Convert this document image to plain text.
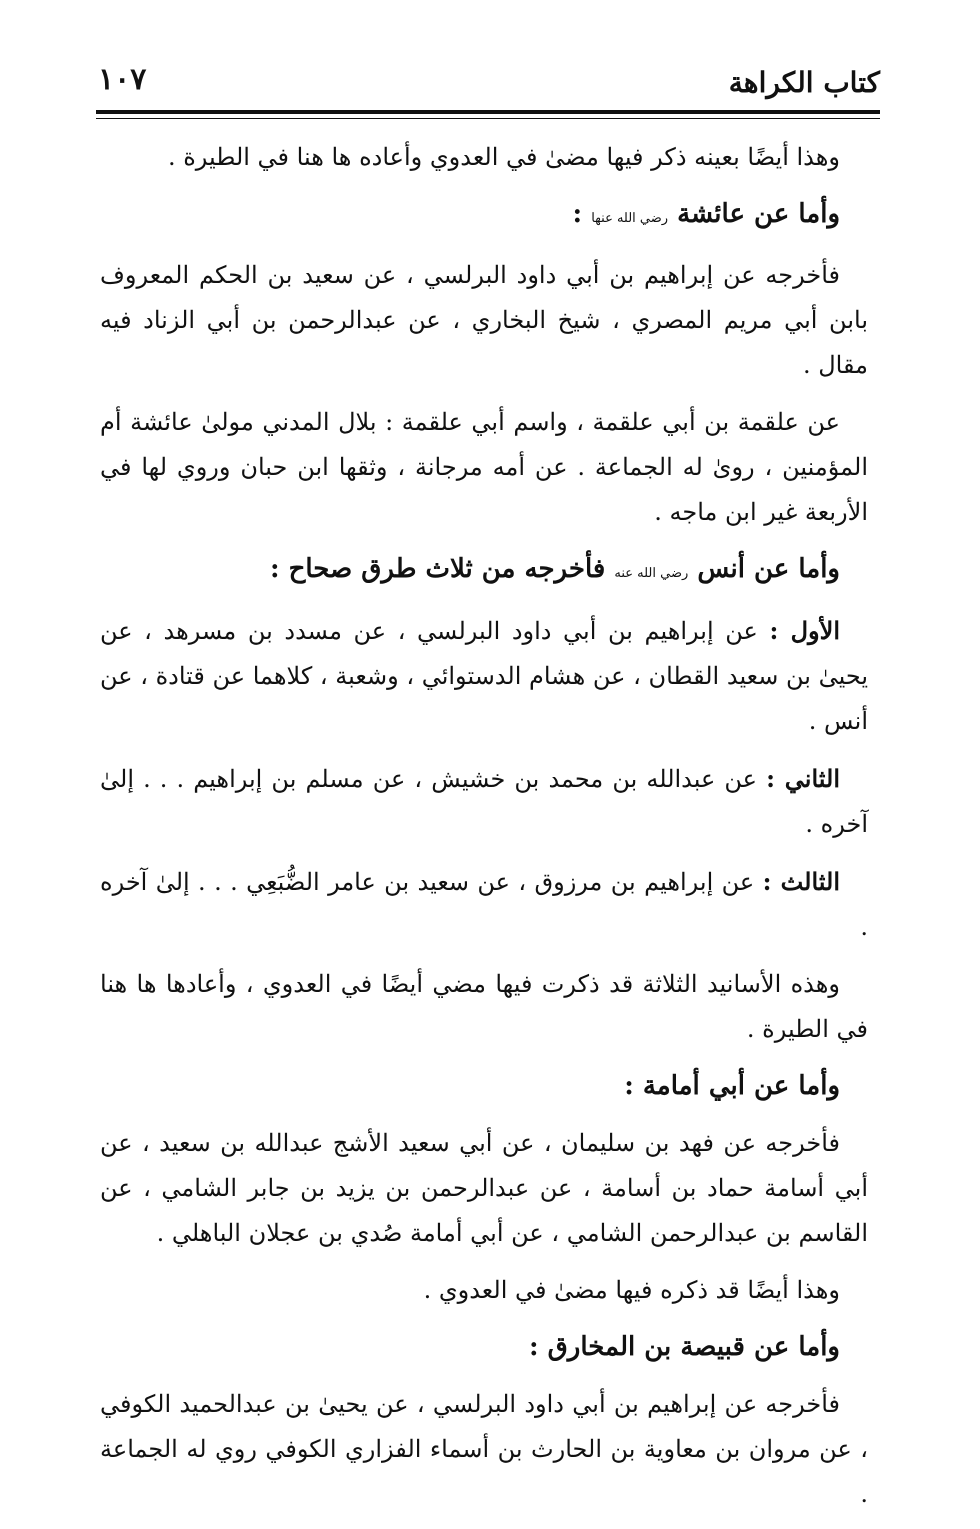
كتاب الكراهة
١٠٧

وهذا أيضًا بعينه ذكر فيها مضىٰ في العدوي وأعاده ها هنا في الطيرة .

وأما عن عائشة رضي الله عنها :

فأخرجه عن إبراهيم بن أبي داود البرلسي ، عن سعيد بن الحكم المعروف بابن أبي مريم المصري ، شيخ البخاري ، عن عبدالرحمن بن أبي الزناد فيه مقال .

عن علقمة بن أبي علقمة ، واسم أبي علقمة : بلال المدني مولىٰ عائشة أم المؤمنين ، روىٰ له الجماعة . عن أمه مرجانة ، وثقها ابن حبان وروي لها في الأربعة غير ابن ماجه .

وأما عن أنس رضي الله عنه فأخرجه من ثلاث طرق صحاح :

الأول : عن إبراهيم بن أبي داود البرلسي ، عن مسدد بن مسرهد ، عن يحيىٰ بن سعيد القطان ، عن هشام الدستوائي ، وشعبة ، كلاهما عن قتادة ، عن أنس .

الثاني : عن عبدالله بن محمد بن خشيش ، عن مسلم بن إبراهيم . . . إلىٰ آخره .

الثالث : عن إبراهيم بن مرزوق ، عن سعيد بن عامر الضُّبَعِي . . . إلىٰ آخره .

وهذه الأسانيد الثلاثة قد ذكرت فيها مضي أيضًا في العدوي ، وأعادها ها هنا في الطيرة .

وأما عن أبي أمامة :

فأخرجه عن فهد بن سليمان ، عن أبي سعيد الأشج عبدالله بن سعيد ، عن أبي أسامة حماد بن أسامة ، عن عبدالرحمن بن يزيد بن جابر الشامي ، عن القاسم بن عبدالرحمن الشامي ، عن أبي أمامة صُدي بن عجلان الباهلي .

وهذا أيضًا قد ذكره فيها مضىٰ في العدوي .

وأما عن قبيصة بن المخارق :

فأخرجه عن إبراهيم بن أبي داود البرلسي ، عن يحيىٰ بن عبدالحميد الكوفي ، عن مروان بن معاوية بن الحارث بن أسماء الفزاري الكوفي روي له الجماعة .
